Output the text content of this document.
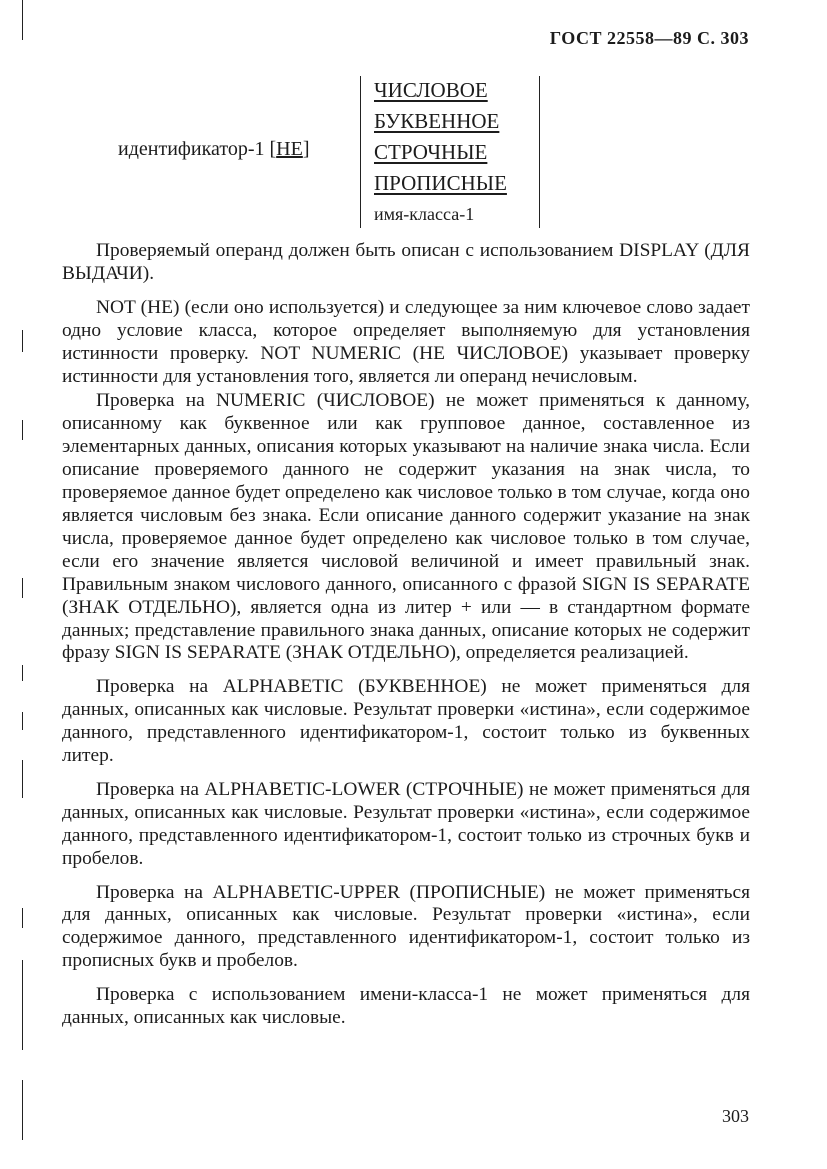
ГОСТ 22558—89 С. 303
идентификатор-1 [НЕ]
ЧИСЛОВОЕ
БУКВЕННОЕ
СТРОЧНЫЕ
ПРОПИСНЫЕ
имя-класса-1

Проверяемый операнд должен быть описан с использованием DISPLAY (ДЛЯ ВЫДАЧИ).

NOT (НЕ) (если оно используется) и следующее за ним ключевое слово задает одно условие класса, которое определяет выполняемую для установления истинности проверку. NOT NUMERIC (НЕ ЧИСЛОВОЕ) указывает проверку истинности для установления того, является ли операнд нечисловым.

Проверка на NUMERIC (ЧИСЛОВОЕ) не может применяться к данному, описанному как буквенное или как групповое данное, составленное из элементарных данных, описания которых указывают на наличие знака числа. Если описание проверяемого данного не содержит указания на знак числа, то проверяемое данное будет определено как числовое только в том случае, когда оно является числовым без знака. Если описание данного содержит указание на знак числа, проверяемое данное будет определено как числовое только в том случае, если его значение является числовой величиной и имеет правильный знак. Правильным знаком числового данного, описанного с фразой SIGN IS SEPARATE (ЗНАК ОТДЕЛЬНО), является одна из литер + или — в стандартном формате данных; представление правильного знака данных, описание которых не содержит фразу SIGN IS SEPARATE (ЗНАК ОТДЕЛЬНО), определяется реализацией.

Проверка на ALPHABETIC (БУКВЕННОЕ) не может применяться для данных, описанных как числовые. Результат проверки «истина», если содержимое данного, представленного идентификатором-1, состоит только из буквенных литер.

Проверка на ALPHABETIC-LOWER (СТРОЧНЫЕ) не может применяться для данных, описанных как числовые. Результат проверки «истина», если содержимое данного, представленного идентификатором-1, состоит только из строчных букв и пробелов.

Проверка на ALPHABETIC-UPPER (ПРОПИСНЫЕ) не может применяться для данных, описанных как числовые. Результат проверки «истина», если содержимое данного, представленного идентификатором-1, состоит только из прописных букв и пробелов.

Проверка с использованием имени-класса-1 не может применяться для данных, описанных как числовые.

303
